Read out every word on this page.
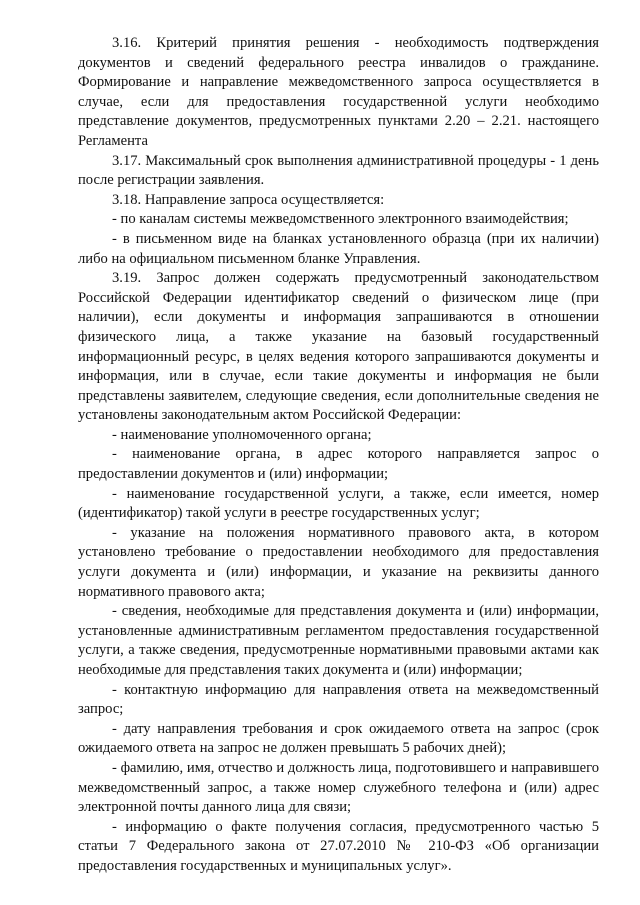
3.16. Критерий принятия решения - необходимость подтверждения документов и сведений федерального реестра инвалидов о гражданине. Формирование и направление межведомственного запроса осуществляется в случае, если для предоставления государственной услуги необходимо представление документов, предусмотренных пунктами 2.20 – 2.21. настоящего Регламента

3.17. Максимальный срок выполнения административной процедуры - 1 день после регистрации заявления.

3.18. Направление запроса осуществляется:

- по каналам системы межведомственного электронного взаимодействия;

- в письменном виде на бланках установленного образца (при их наличии) либо на официальном письменном бланке Управления.

3.19. Запрос должен содержать предусмотренный законодательством Российской Федерации идентификатор сведений о физическом лице (при наличии), если документы и информация запрашиваются в отношении физического лица, а также указание на базовый государственный информационный ресурс, в целях ведения которого запрашиваются документы и информация, или в случае, если такие документы и информация не были представлены заявителем, следующие сведения, если дополнительные сведения не установлены законодательным актом Российской Федерации:

- наименование уполномоченного органа;

- наименование органа, в адрес которого направляется запрос о предоставлении документов и (или) информации;

- наименование государственной услуги, а также, если имеется, номер (идентификатор) такой услуги в реестре государственных услуг;

- указание на положения нормативного правового акта, в котором установлено требование о предоставлении необходимого для предоставления услуги документа и (или) информации, и указание на реквизиты данного нормативного правового акта;

- сведения, необходимые для представления документа и (или) информации, установленные административным регламентом предоставления государственной услуги, а также сведения, предусмотренные нормативными правовыми актами как необходимые для представления таких документа и (или) информации;

- контактную информацию для направления ответа на межведомственный запрос;

- дату направления требования и срок ожидаемого ответа на запрос (срок ожидаемого ответа на запрос не должен превышать 5 рабочих дней);

- фамилию, имя, отчество и должность лица, подготовившего и направившего межведомственный запрос, а также номер служебного телефона и (или) адрес электронной почты данного лица для связи;

- информацию о факте получения согласия, предусмотренного частью 5 статьи 7 Федерального закона от 27.07.2010 № 210-ФЗ «Об организации предоставления государственных и муниципальных услуг».
